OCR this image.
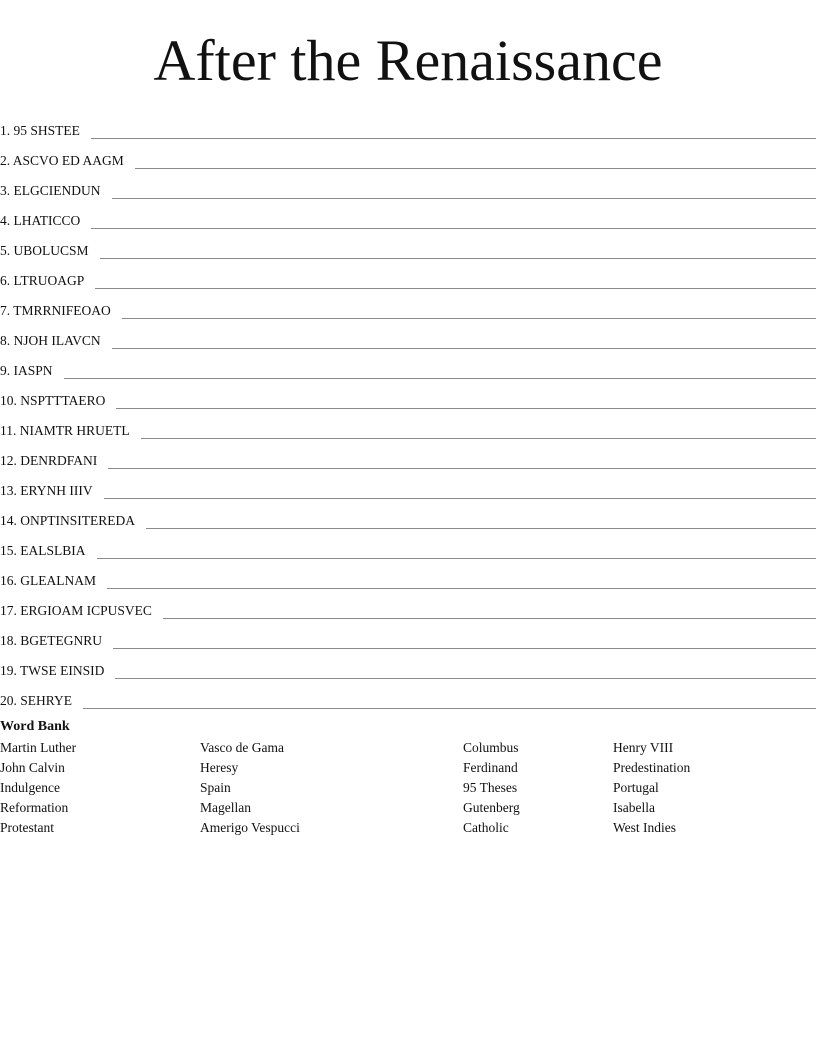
After the Renaissance
1. 95 SHSTEE
2. ASCVO ED AAGM
3. ELGCIENDUN
4. LHATICCO
5. UBOLUCSM
6. LTRUOAGP
7. TMRRNIFEOAO
8. NJOH ILAVCN
9. IASPN
10. NSPTTTAERO
11. NIAMTR HRUETL
12. DENRDFANI
13. ERYNH IIIV
14. ONPTINSITEREDA
15. EALSLBIA
16. GLEALNAM
17. ERGIOAM ICPUSVEC
18. BGETEGNRU
19. TWSE EINSID
20. SEHRYE
Word Bank
Martin Luther
John Calvin
Indulgence
Reformation
Protestant
Vasco de Gama
Heresy
Spain
Magellan
Amerigo Vespucci
Columbus
Ferdinand
95 Theses
Gutenberg
Catholic
Henry VIII
Predestination
Portugal
Isabella
West Indies
